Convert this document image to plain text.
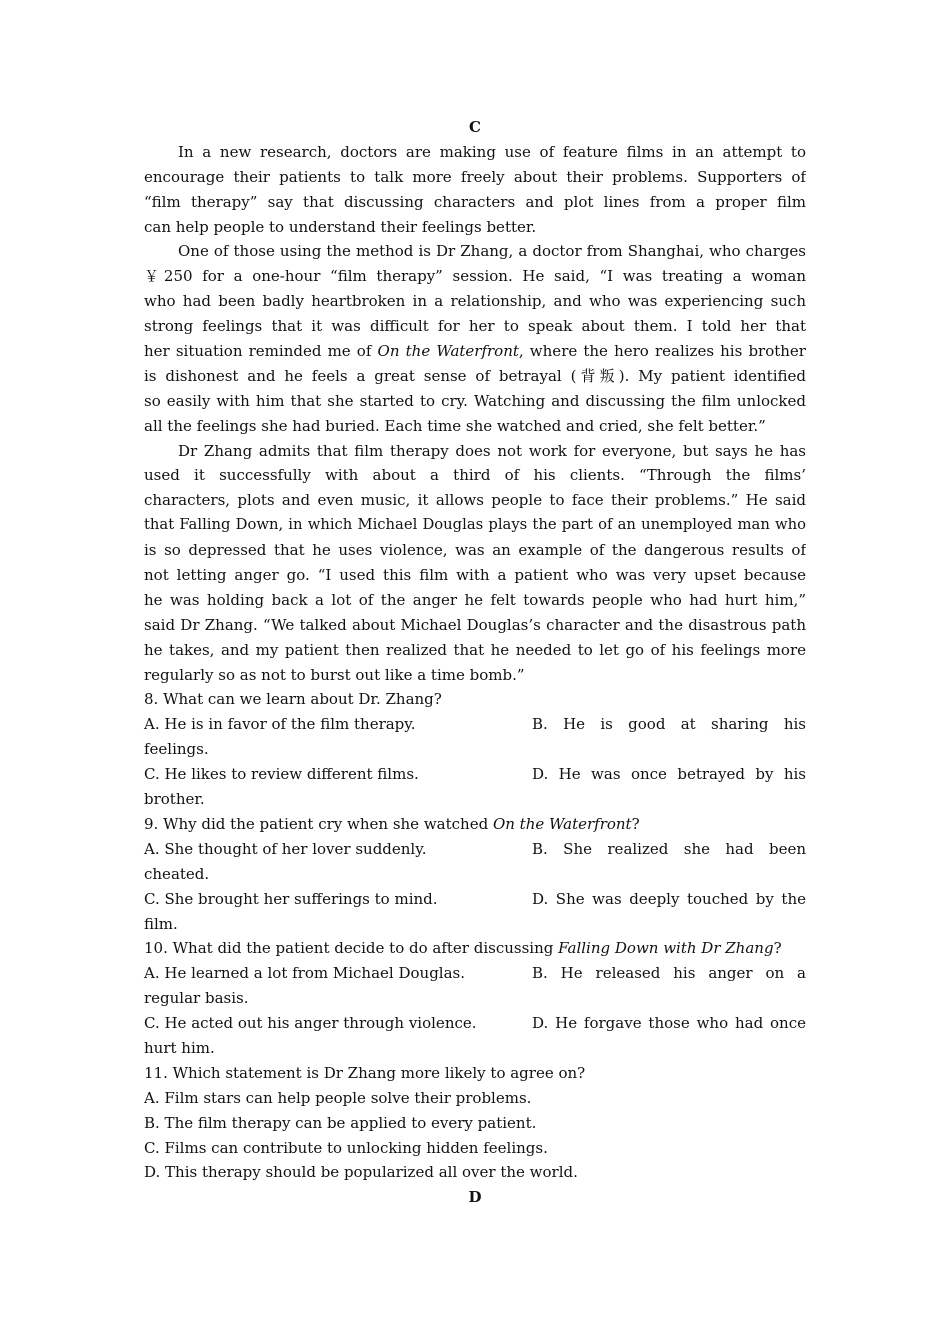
C
In a new research, doctors are making use of feature films in an attempt to
encourage their patients to talk more freely about their problems. Supporters of
“film therapy” say that discussing characters and plot lines from a proper film
can help people to understand their feelings better.
One of those using the method is Dr Zhang, a doctor from Shanghai, who charges
￥250 for a one-hour “film therapy” session. He said, “I was treating a woman
who had been badly heartbroken in a relationship, and who was experiencing such
strong feelings that it was difficult for her to speak about them. I told her that
her situation reminded me of On the Waterfront, where the hero realizes his brother
is dishonest and he feels a great sense of betrayal (背叛). My patient identified
so easily with him that she started to cry. Watching and discussing the film unlocked
all the feelings she had buried. Each time she watched and cried, she felt better.”
Dr Zhang admits that film therapy does not work for everyone, but says he has
used it successfully with about a third of his clients. “Through the films’
characters, plots and even music, it allows people to face their problems.” He said
that Falling Down, in which Michael Douglas plays the part of an unemployed man who
is so depressed that he uses violence, was an example of the dangerous results of
not letting anger go. “I used this film with a patient who was very upset because
he was holding back a lot of the anger he felt towards people who had hurt him,”
said Dr Zhang. “We talked about Michael Douglas’s character and the disastrous path
he takes, and my patient then realized that he needed to let go of his feelings more
regularly so as not to burst out like a time bomb.”
8. What can we learn about Dr. Zhang?
A. He is in favor of the film therapy.	B. He is good at sharing his
feelings.
C. He likes to review different films.	D. He was once betrayed by his
brother.
9. Why did the patient cry when she watched On the Waterfront?
A. She thought of her lover suddenly.	B. She realized she had been
cheated.
C. She brought her sufferings to mind.	D. She was deeply touched by the
film.
10. What did the patient decide to do after discussing Falling Down with Dr Zhang?
A. He learned a lot from Michael Douglas.	B. He released his anger on a
regular basis.
C. He acted out his anger through violence.	D. He forgave those who had once
hurt him.
11. Which statement is Dr Zhang more likely to agree on?
A. Film stars can help people solve their problems.
B. The film therapy can be applied to every patient.
C. Films can contribute to unlocking hidden feelings.
D. This therapy should be popularized all over the world.
D
